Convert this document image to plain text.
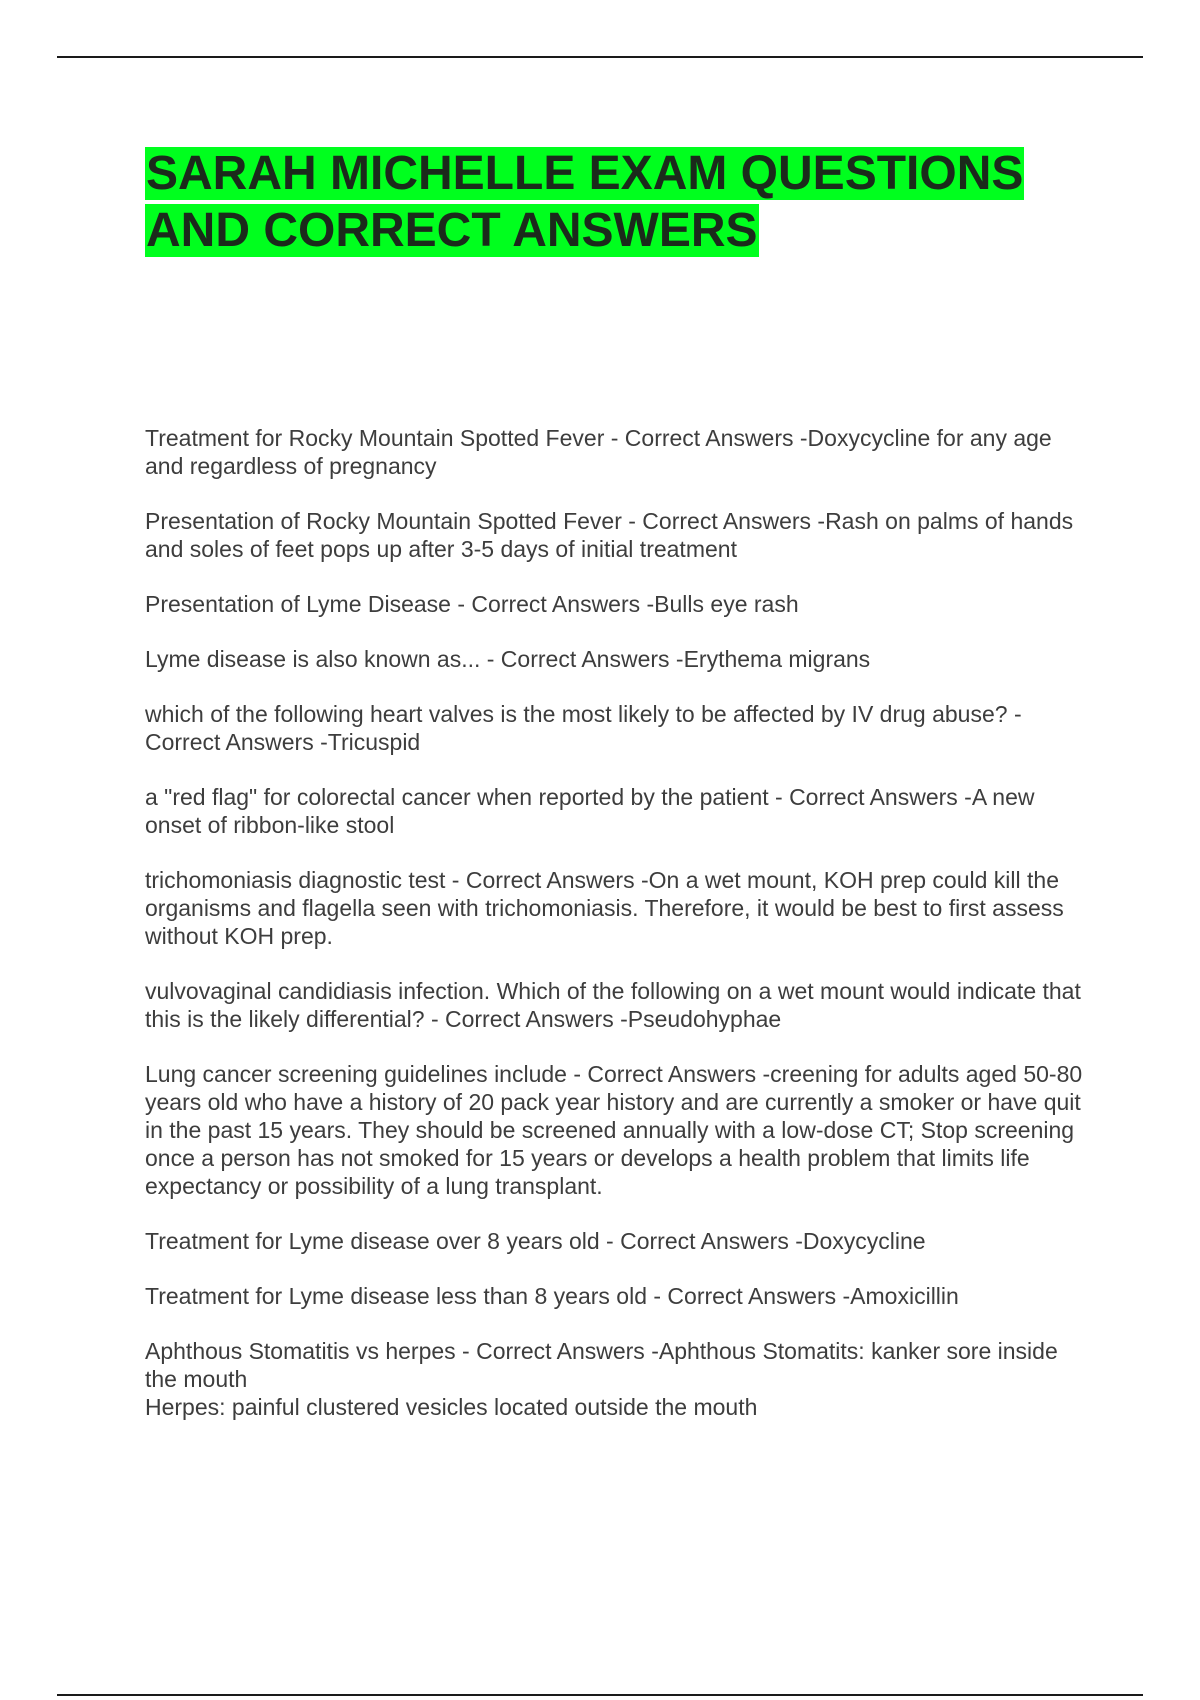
SARAH MICHELLE EXAM QUESTIONS AND CORRECT ANSWERS
Treatment for Rocky Mountain Spotted Fever - Correct Answers -Doxycycline for any age and regardless of pregnancy
Presentation of Rocky Mountain Spotted Fever - Correct Answers -Rash on palms of hands and soles of feet pops up after 3-5 days of initial treatment
Presentation of Lyme Disease - Correct Answers -Bulls eye rash
Lyme disease is also known as... - Correct Answers -Erythema migrans
which of the following heart valves is the most likely to be affected by IV drug abuse? - Correct Answers -Tricuspid
a "red flag" for colorectal cancer when reported by the patient - Correct Answers -A new onset of ribbon-like stool
trichomoniasis diagnostic test - Correct Answers -On a wet mount, KOH prep could kill the organisms and flagella seen with trichomoniasis. Therefore, it would be best to first assess without KOH prep.
vulvovaginal candidiasis infection. Which of the following on a wet mount would indicate that this is the likely differential? - Correct Answers -Pseudohyphae
Lung cancer screening guidelines include - Correct Answers -creening for adults aged 50-80 years old who have a history of 20 pack year history and are currently a smoker or have quit in the past 15 years. They should be screened annually with a low-dose CT; Stop screening once a person has not smoked for 15 years or develops a health problem that limits life expectancy or possibility of a lung transplant.
Treatment for Lyme disease over 8 years old - Correct Answers -Doxycycline
Treatment for Lyme disease less than 8 years old - Correct Answers -Amoxicillin
Aphthous Stomatitis vs herpes - Correct Answers -Aphthous Stomatits: kanker sore inside the mouth
Herpes: painful clustered vesicles located outside the mouth
